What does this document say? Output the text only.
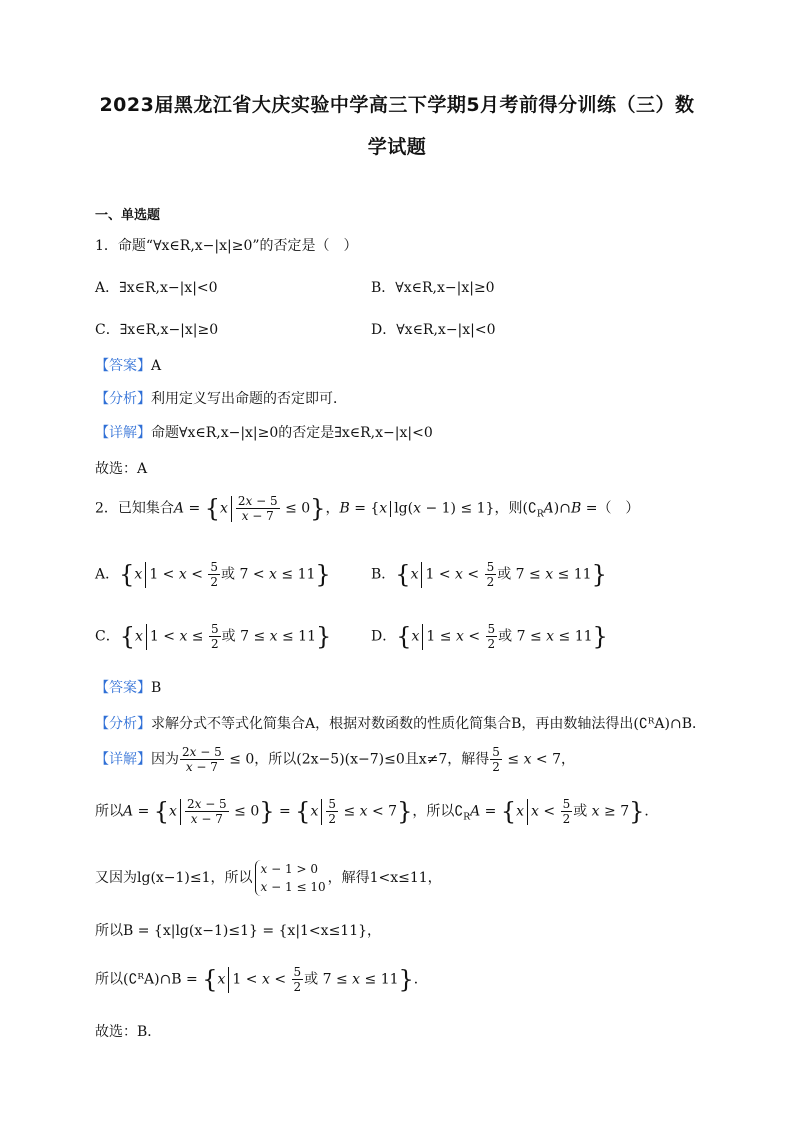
2023届黑龙江省大庆实验中学高三下学期5月考前得分训练（三）数
学试题
一、单选题
1．命题“∀x∈R,x−|x|≥0”的否定是（　）
A．∃x∈R,x−|x|<0	B．∀x∈R,x−|x|≥0
C．∃x∈R,x−|x|≥0	D．∀x∈R,x−|x|<0
【答案】A
【分析】利用定义写出命题的否定即可．
【详解】命题∀x∈R,x−|x|≥0的否定是∃x∈R,x−|x|<0
故选：A
2．已知集合$A = \{x \frac{2x - 5}{x - 7} \le 0\}$，B = {x lg(x − 1) ≤ 1}，则$(∁_RA)\cap B$ =（　）
A．{x $1 < x < \frac{5}{2}$ 或 7 < x ≤ 11}	B．{x $1 < x < \frac{5}{2}$ 或 7 ≤ x ≤ 11}
C．{x $1 < x \le \frac{5}{2}$ 或 7 ≤ x ≤ 11}	D．{x $1 \le x < \frac{5}{2}$ 或 7 ≤ x ≤ 11}
【答案】B
【分析】求解分式不等式化简集合A，根据对数函数的性质化简集合B，再由数轴法得出(∁ᴿA)∩B．
【详解】因为 $\frac{2x - 5}{x - 7} \le 0$，所以(2x−5)(x−7)≤0且x≠7，解得 $\frac{5}{2} \le x < 7$，
所以$A = \{x \frac{2x - 5}{x - 7} \le 0\} = \{x \frac{5}{2} \le x < 7\}$，所以$∁_RA = \{x$ $x < \frac{5}{2}$ 或 x ≥ 7}．
又因为lg(x−1)≤1，所以
x − 1 > 0
x − 1 ≤ 10
，解得1<x≤11，
所以B = {x|lg(x−1)≤1} = {x|1<x≤11}，
所以(∁ᴿA)∩B = {x $1 < x < \frac{5}{2}$ 或 7 ≤ x ≤ 11}．
故选：B．
